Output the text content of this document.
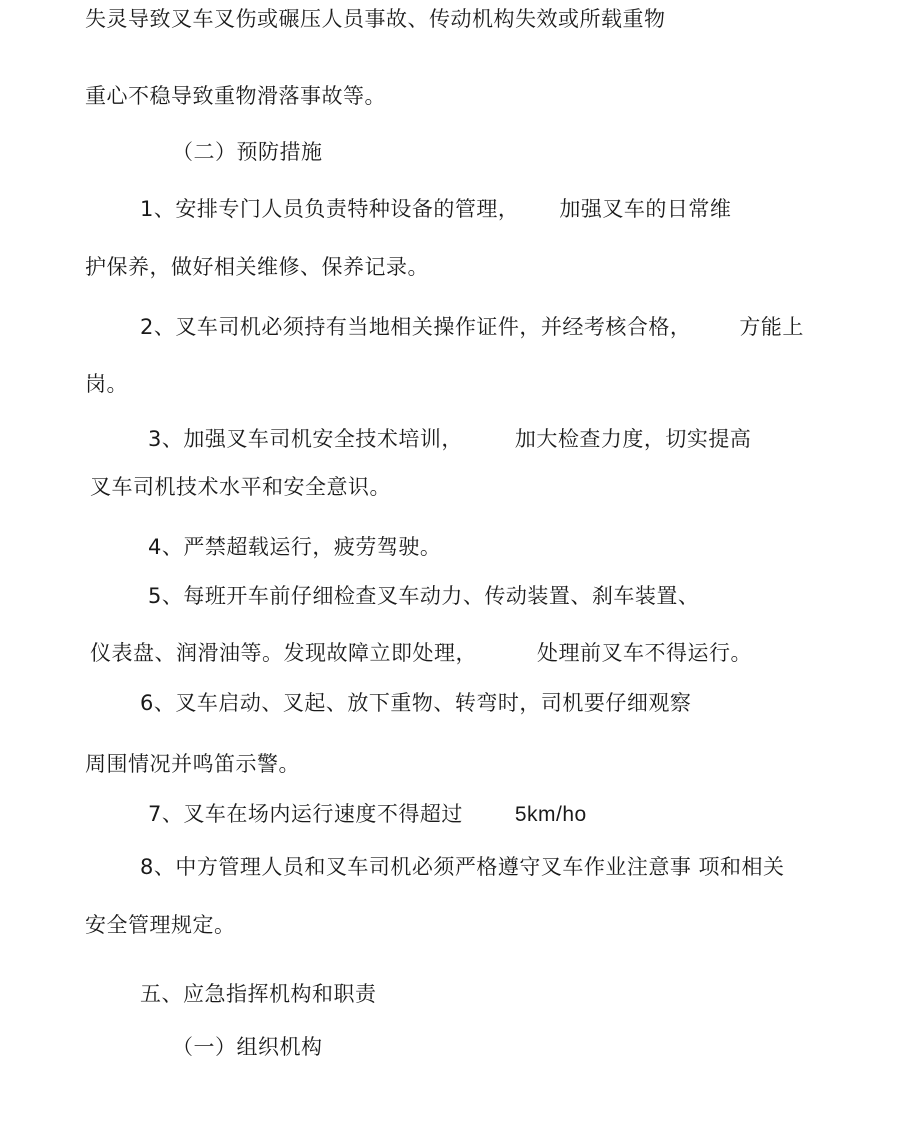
失灵导致叉车叉伤或碾压人员事故、传动机构失效或所载重物
重心不稳导致重物滑落事故等。
（二）预防措施
1、安排专门人员负责特种设备的管理， 加强叉车的日常维
护保养，做好相关维修、保养记录。
2、叉车司机必须持有当地相关操作证件，并经考核合格， 方能上
岗。
3、加强叉车司机安全技术培训， 加大检查力度，切实提高
叉车司机技术水平和安全意识。
4、严禁超载运行，疲劳驾驶。
5、每班开车前仔细检查叉车动力、传动装置、刹车装置、
仪表盘、润滑油等。发现故障立即处理，	处理前叉车不得运行。
6、叉车启动、叉起、放下重物、转弯时，司机要仔细观察
周围情况并鸣笛示警。
7、叉车在场内运行速度不得超过 5km/ho
8、中方管理人员和叉车司机必须严格遵守叉车作业注意事 项和相关
安全管理规定。
五、应急指挥机构和职责
（一）组织机构
